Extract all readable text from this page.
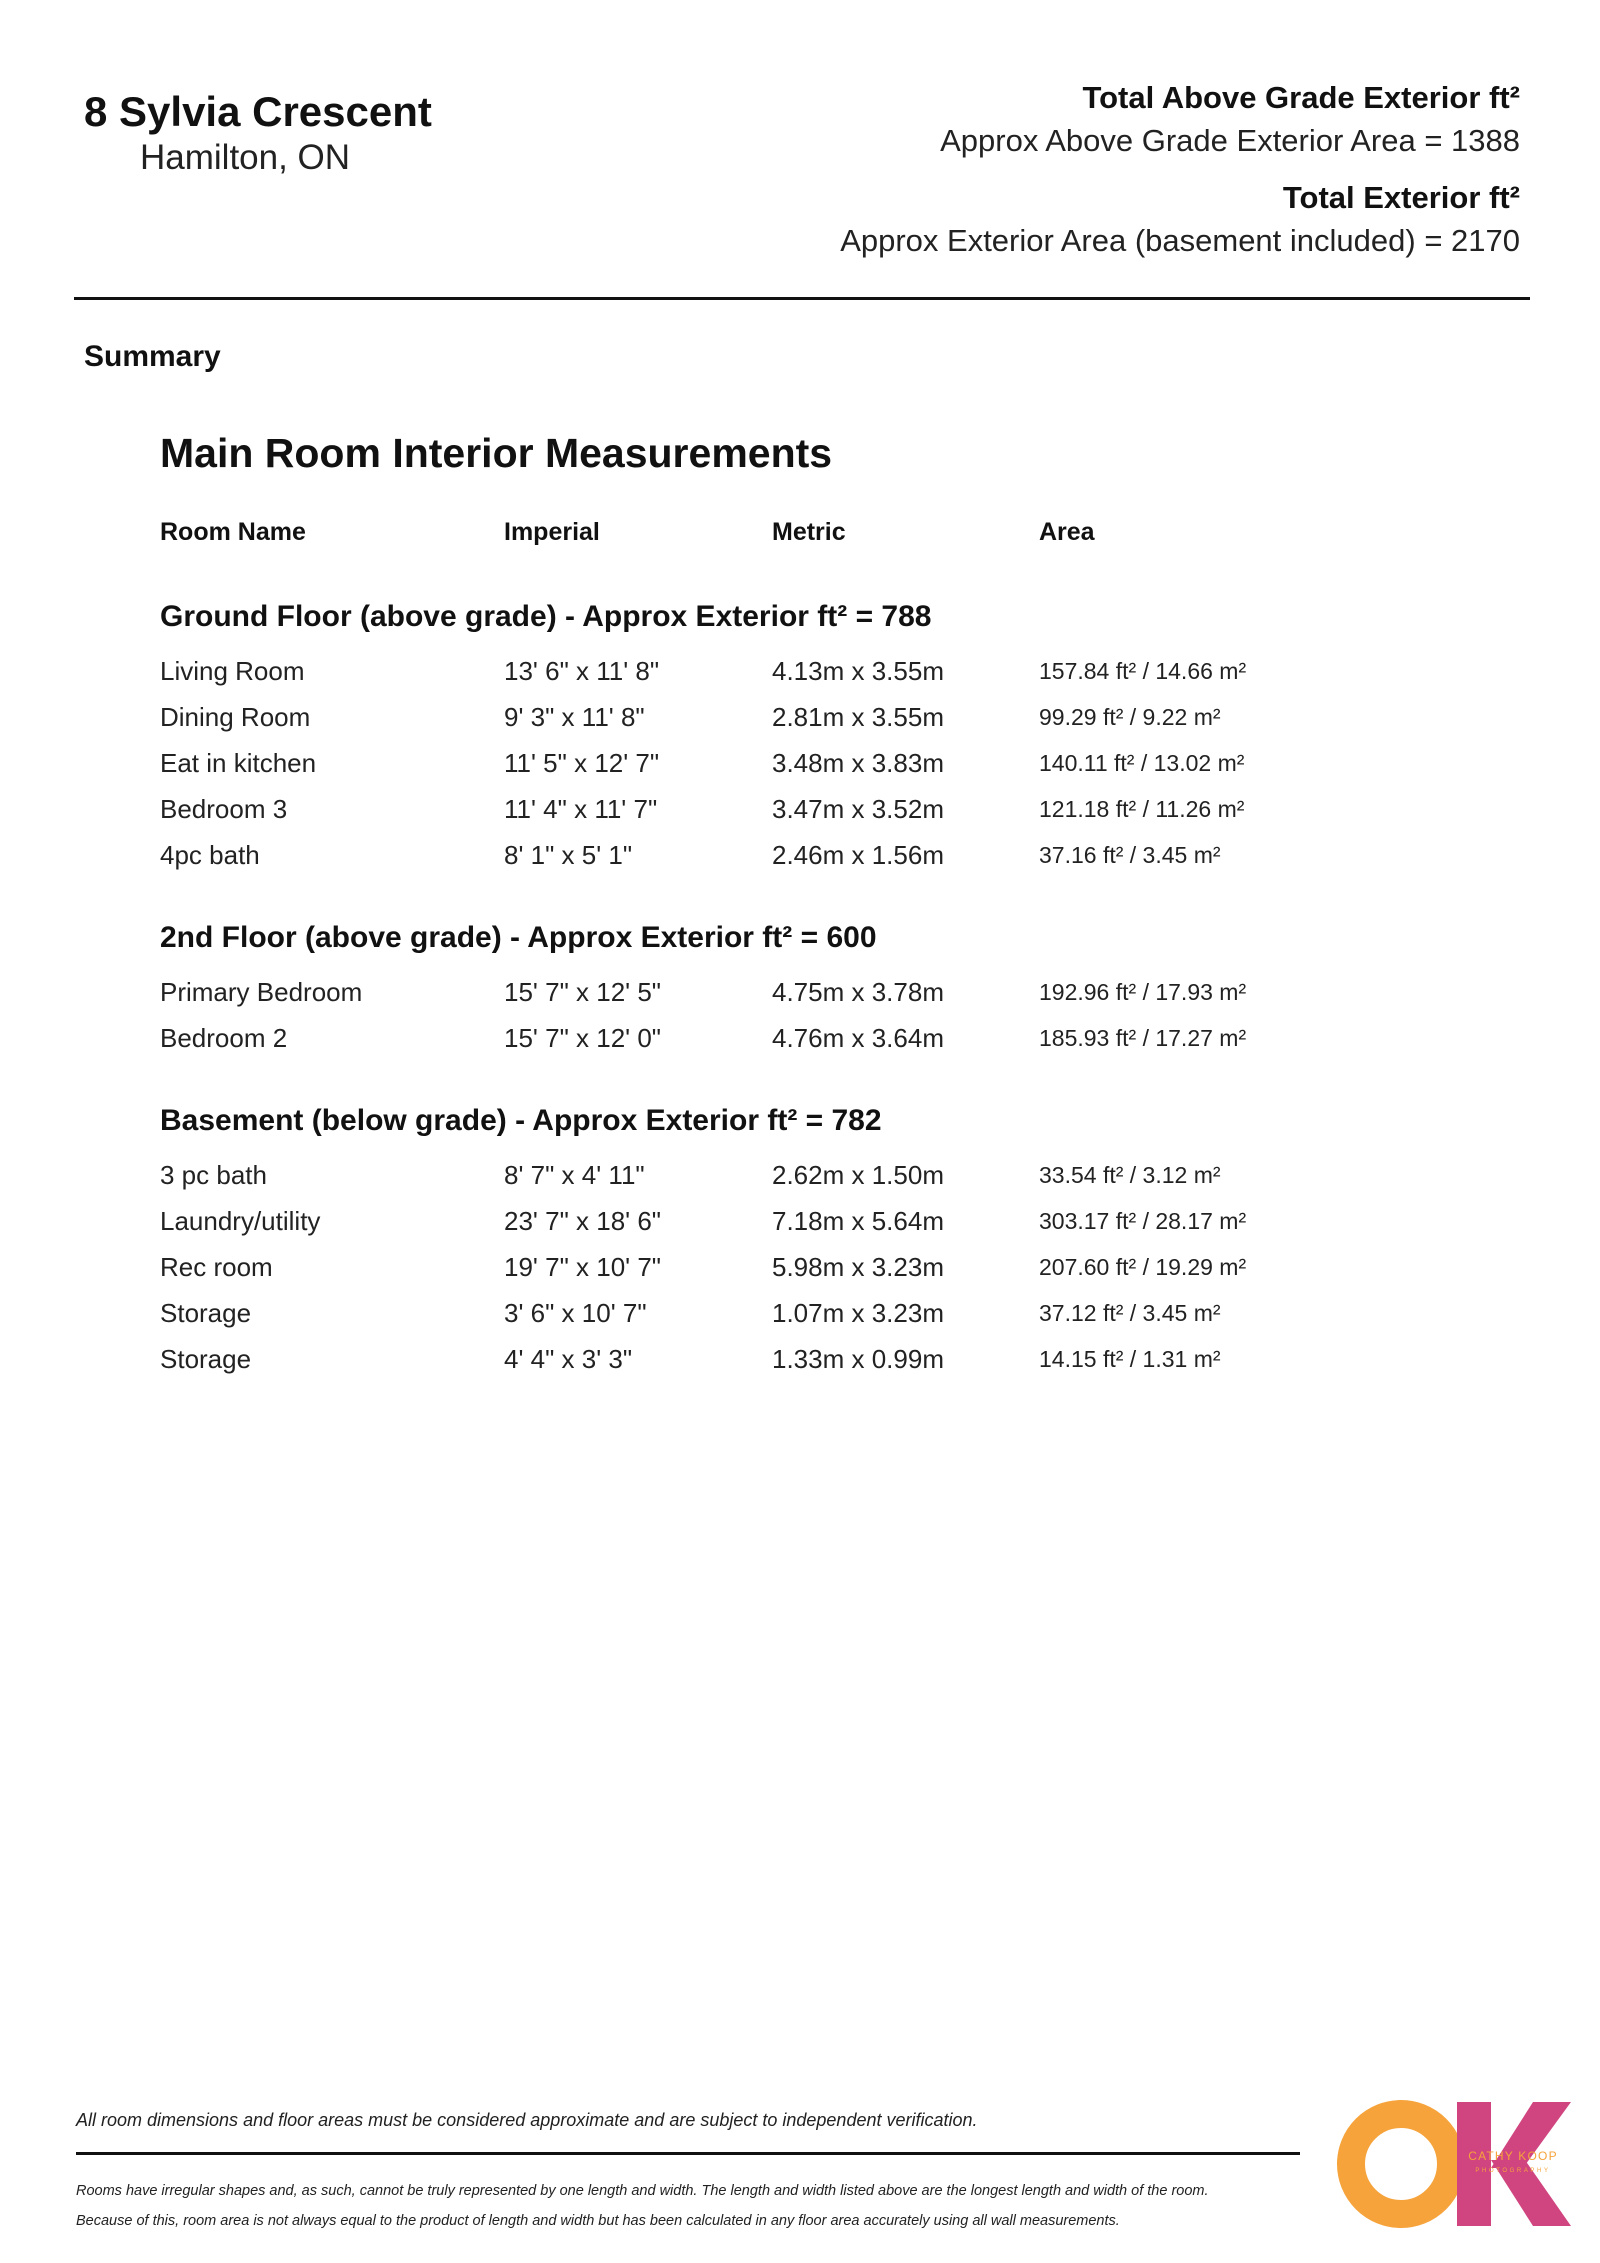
8 Sylvia Crescent
Hamilton, ON
Total Above Grade Exterior ft²
Approx Above Grade Exterior Area = 1388
Total Exterior ft²
Approx Exterior Area (basement included) = 2170
Summary
Main Room Interior Measurements
Room Name	Imperial	Metric	Area
Ground Floor (above grade) - Approx Exterior ft² = 788
Living Room	13' 6" x 11' 8"	4.13m x 3.55m	157.84 ft² / 14.66 m²
Dining Room	9' 3" x 11' 8"	2.81m x 3.55m	99.29 ft² / 9.22 m²
Eat in kitchen	11' 5" x 12' 7"	3.48m x 3.83m	140.11 ft² / 13.02 m²
Bedroom 3	11' 4" x 11' 7"	3.47m x 3.52m	121.18 ft² / 11.26 m²
4pc bath	8' 1" x 5' 1"	2.46m x 1.56m	37.16 ft² / 3.45 m²
2nd Floor (above grade) - Approx Exterior ft² = 600
Primary Bedroom	15' 7" x 12' 5"	4.75m x 3.78m	192.96 ft² / 17.93 m²
Bedroom 2	15' 7" x 12' 0"	4.76m x 3.64m	185.93 ft² / 17.27 m²
Basement (below grade) - Approx Exterior ft² = 782
3 pc bath	8' 7" x 4' 11"	2.62m x 1.50m	33.54 ft² / 3.12 m²
Laundry/utility	23' 7" x 18' 6"	7.18m x 5.64m	303.17 ft² / 28.17 m²
Rec room	19' 7" x 10' 7"	5.98m x 3.23m	207.60 ft² / 19.29 m²
Storage	3' 6" x 10' 7"	1.07m x 3.23m	37.12 ft² / 3.45 m²
Storage	4' 4" x 3' 3"	1.33m x 0.99m	14.15 ft² / 1.31 m²
All room dimensions and floor areas must be considered approximate and are subject to independent verification.
Rooms have irregular shapes and, as such, cannot be truly represented by one length and width. The length and width listed above are the longest length and width of the room.
Because of this, room area is not always equal to the product of length and width but has been calculated in any floor area accurately using all wall measurements.
CATHY KOOP
PHOTOGRAPHY
